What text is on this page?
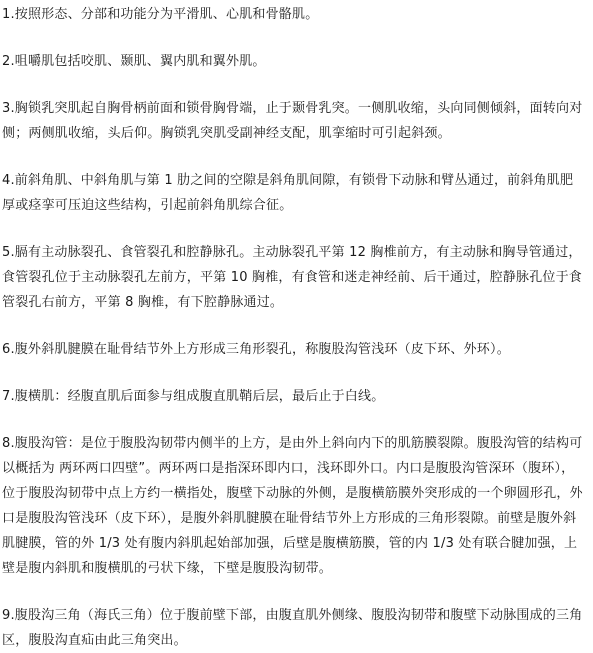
1.按照形态、分部和功能分为平滑肌、心肌和骨骼肌。

2.咀嚼肌包括咬肌、颞肌、翼内肌和翼外肌。

3.胸锁乳突肌起自胸骨柄前面和锁骨胸骨端，止于颞骨乳突。一侧肌收缩，头向同侧倾斜，面转向对侧；两侧肌收缩，头后仰。胸锁乳突肌受副神经支配，肌挛缩时可引起斜颈。

4.前斜角肌、中斜角肌与第 1 肋之间的空隙是斜角肌间隙，有锁骨下动脉和臂丛通过，前斜角肌肥厚或痉挛可压迫这些结构，引起前斜角肌综合征。

5.膈有主动脉裂孔、食管裂孔和腔静脉孔。主动脉裂孔平第 12 胸椎前方，有主动脉和胸导管通过，食管裂孔位于主动脉裂孔左前方，平第 10 胸椎，有食管和迷走神经前、后干通过，腔静脉孔位于食管裂孔右前方，平第 8 胸椎，有下腔静脉通过。

6.腹外斜肌腱膜在耻骨结节外上方形成三角形裂孔，称腹股沟管浅环（皮下环、外环）。

7.腹横肌：经腹直肌后面参与组成腹直肌鞘后层，最后止于白线。

8.腹股沟管：是位于腹股沟韧带内侧半的上方，是由外上斜向内下的肌筋膜裂隙。腹股沟管的结构可以概括为 两环两口四壁”。两环两口是指深环即内口，浅环即外口。内口是腹股沟管深环（腹环），位于腹股沟韧带中点上方约一横指处，腹壁下动脉的外侧，是腹横筋膜外突形成的一个卵圆形孔，外口是腹股沟管浅环（皮下环），是腹外斜肌腱膜在耻骨结节外上方形成的三角形裂隙。前壁是腹外斜肌腱膜，管的外 1/3 处有腹内斜肌起始部加强，后壁是腹横筋膜，管的内 1/3 处有联合腱加强，上壁是腹内斜肌和腹横肌的弓状下缘，下壁是腹股沟韧带。

9.腹股沟三角（海氏三角）位于腹前壁下部，由腹直肌外侧缘、腹股沟韧带和腹壁下动脉围成的三角区，腹股沟直疝由此三角突出。
